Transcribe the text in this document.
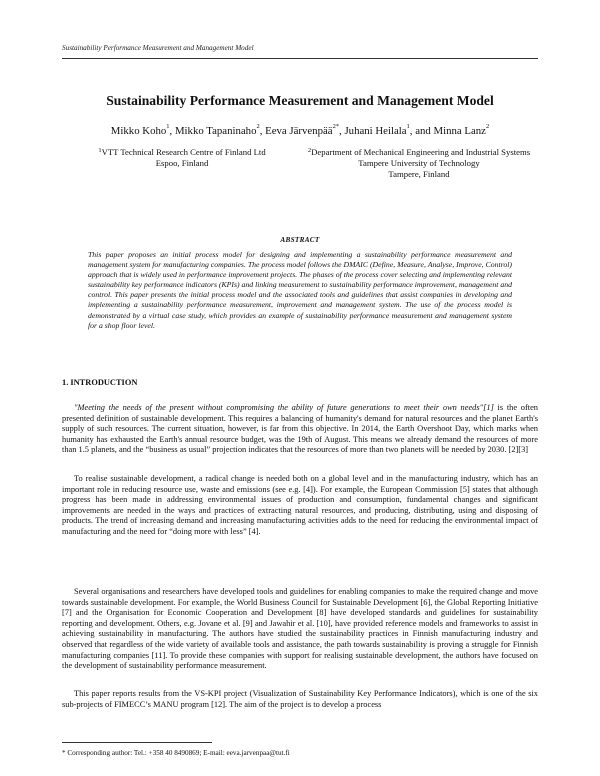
Sustainability Performance Measurement and Management Model
Sustainability Performance Measurement and Management Model
Mikko Koho$^1$, Mikko Tapaninaho$^2$, Eeva Järvenpää$^{2*}$, Juhani Heilala$^1$, and Minna Lanz$^2$
$^1$VTT Technical Research Centre of Finland Ltd
Espoo, Finland
$^2$Department of Mechanical Engineering and Industrial Systems
Tampere University of Technology
Tampere, Finland
ABSTRACT

This paper proposes an initial process model for designing and implementing a sustainability performance measurement and management system for manufacturing companies. The process model follows the DMAIC (Define, Measure, Analyse, Improve, Control) approach that is widely used in performance improvement projects. The phases of the process cover selecting and implementing relevant sustainability key performance indicators (KPIs) and linking measurement to sustainability performance improvement, management and control. This paper presents the initial process model and the associated tools and guidelines that assist companies in developing and implementing a sustainability performance measurement, improvement and management system. The use of the process model is demonstrated by a virtual case study, which provides an example of sustainability performance measurement and management system for a shop floor level.

1. INTRODUCTION

"Meeting the needs of the present without compromising the ability of future generations to meet their own needs"[1] is the often presented definition of sustainable development. This requires a balancing of humanity's demand for natural resources and the planet Earth's supply of such resources. The current situation, however, is far from this objective. In 2014, the Earth Overshoot Day, which marks when humanity has exhausted the Earth's annual resource budget, was the 19th of August. This means we already demand the resources of more than 1.5 planets, and the “business as usual” projection indicates that the resources of more than two planets will be needed by 2030. [2][3]

To realise sustainable development, a radical change is needed both on a global level and in the manufacturing industry, which has an important role in reducing resource use, waste and emissions (see e.g. [4]). For example, the European Commission [5] states that although progress has been made in addressing environmental issues of production and consumption, fundamental changes and significant improvements are needed in the ways and practices of extracting natural resources, and producing, distributing, using and disposing of products. The trend of increasing demand and increasing manufacturing activities adds to the need for reducing the environmental impact of manufacturing and the need for “doing more with less” [4].

Several organisations and researchers have developed tools and guidelines for enabling companies to make the required change and move towards sustainable development. For example, the World Business Council for Sustainable Development [6], the Global Reporting Initiative [7] and the Organisation for Economic Cooperation and Development [8] have developed standards and guidelines for sustainability reporting and development. Others, e.g. Jovane et al. [9] and Jawahir et al. [10], have provided reference models and frameworks to assist in achieving sustainability in manufacturing. The authors have studied the sustainability practices in Finnish manufacturing industry and observed that regardless of the wide variety of available tools and assistance, the path towards sustainability is proving a struggle for Finnish manufacturing companies [11]. To provide these companies with support for realising sustainable development, the authors have focused on the development of sustainability performance measurement.

This paper reports results from the VS-KPI project (Visualization of Sustainability Key Performance Indicators), which is one of the six sub-projects of FIMECC’s MANU program [12]. The aim of the project is to develop a process

* Corresponding author: Tel.: +358 40 8490869; E-mail: eeva.jarvenpaa@tut.fi
